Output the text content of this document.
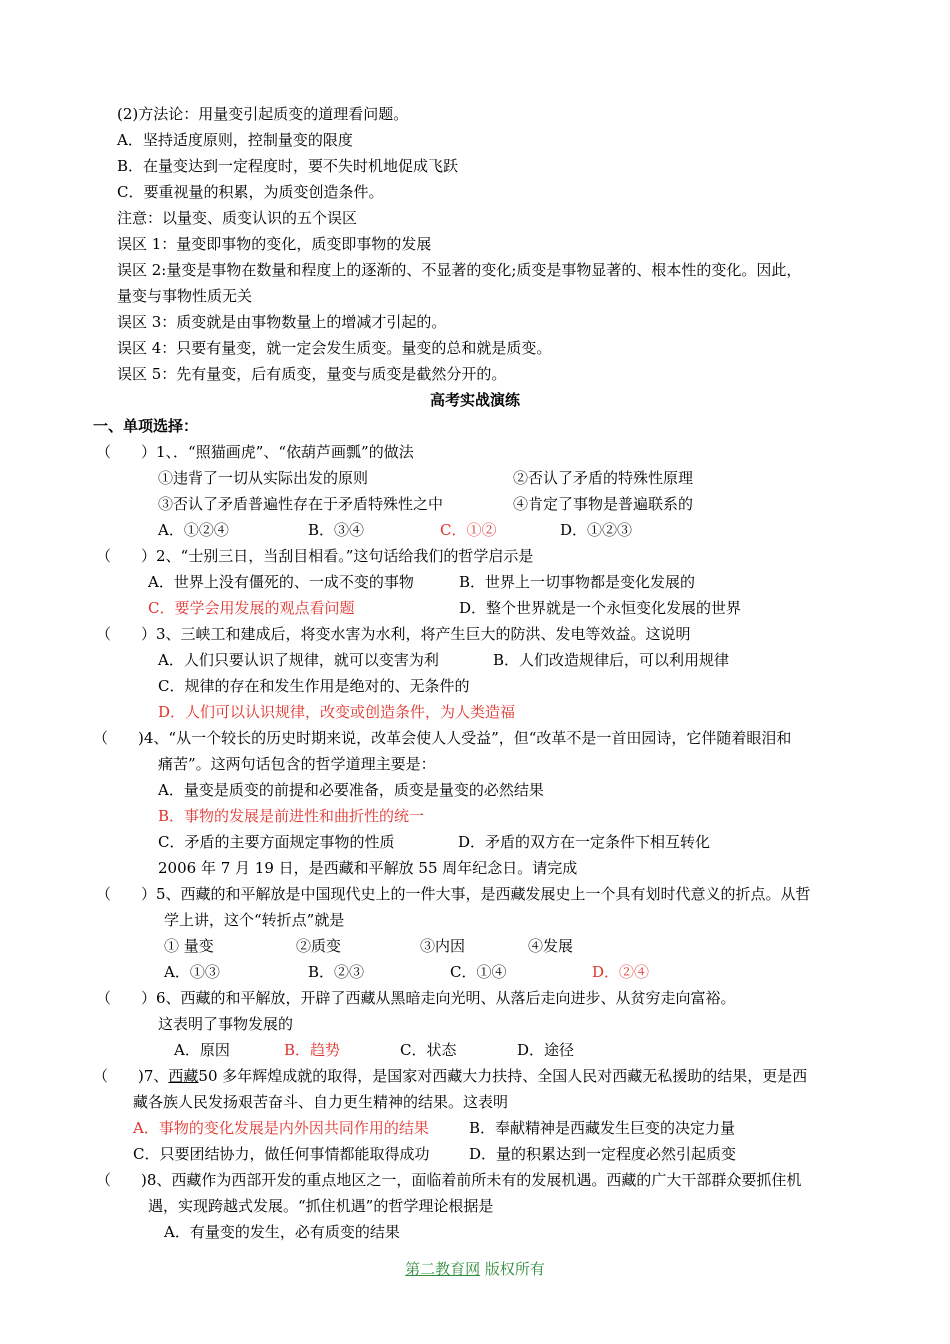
(2)方法论：用量变引起质变的道理看问题。
A．坚持适度原则，控制量变的限度
B．在量变达到一定程度时，要不失时机地促成飞跃
C．要重视量的积累，为质变创造条件。
注意：以量变、质变认识的五个误区
误区 1：量变即事物的变化，质变即事物的发展
误区 2:量变是事物在数量和程度上的逐渐的、不显著的变化;质变是事物显著的、根本性的变化。因此，
量变与事物性质无关
误区 3：质变就是由事物数量上的增减才引起的。
误区 4：只要有量变，就一定会发生质变。量变的总和就是质变。
误区 5：先有量变，后有质变，量变与质变是截然分开的。
高考实战演练
一、单项选择：
（　　）1、．“照猫画虎”、“依葫芦画瓢”的做法
①违背了一切从实际出发的原则	②否认了矛盾的特殊性原理
③否认了矛盾普遍性存在于矛盾特殊性之中	④肯定了事物是普遍联系的
A．①②④	B．③④	C．①②	D．①②③
（　　）2、“士别三日，当刮目相看。”这句话给我们的哲学启示是
A．世界上没有僵死的、一成不变的事物	B．世界上一切事物都是变化发展的
C．要学会用发展的观点看问题	D．整个世界就是一个永恒变化发展的世界
（　　）3、三峡工和建成后，将变水害为水利，将产生巨大的防洪、发电等效益。这说明
A．人们只要认识了规律，就可以变害为利	B．人们改造规律后，可以利用规律
C．规律的存在和发生作用是绝对的、无条件的
D．人们可以认识规律，改变或创造条件，为人类造福
（　　)4、“从一个较长的历史时期来说，改革会使人人受益”，但“改革不是一首田园诗，它伴随着眼泪和
痛苦”。这两句话包含的哲学道理主要是：
A．量变是质变的前提和必要准备，质变是量变的必然结果
B．事物的发展是前进性和曲折性的统一
C．矛盾的主要方面规定事物的性质	D．矛盾的双方在一定条件下相互转化
2006 年 7 月 19 日，是西藏和平解放 55 周年纪念日。请完成
（　　）5、西藏的和平解放是中国现代史上的一件大事，是西藏发展史上一个具有划时代意义的折点。从哲
学上讲，这个“转折点”就是
① 量变	②质变	③内因	④发展
A．①③	B．②③	C．①④	D．②④
（　　）6、西藏的和平解放，开辟了西藏从黑暗走向光明、从落后走向进步、从贫穷走向富裕。
这表明了事物发展的
A．原因	B．趋势	C．状态	D．途径
（　　)7、西藏50 多年辉煌成就的取得，是国家对西藏大力扶持、全国人民对西藏无私援助的结果，更是西
藏各族人民发扬艰苦奋斗、自力更生精神的结果。这表明
A．事物的变化发展是内外因共同作用的结果	B．奉献精神是西藏发生巨变的决定力量
C．只要团结协力，做任何事情都能取得成功	D．量的积累达到一定程度必然引起质变
（　　)8、西藏作为西部开发的重点地区之一，面临着前所未有的发展机遇。西藏的广大干部群众要抓住机
遇，实现跨越式发展。“抓住机遇”的哲学理论根据是
A．有量变的发生，必有质变的结果
第二教育网 版权所有
